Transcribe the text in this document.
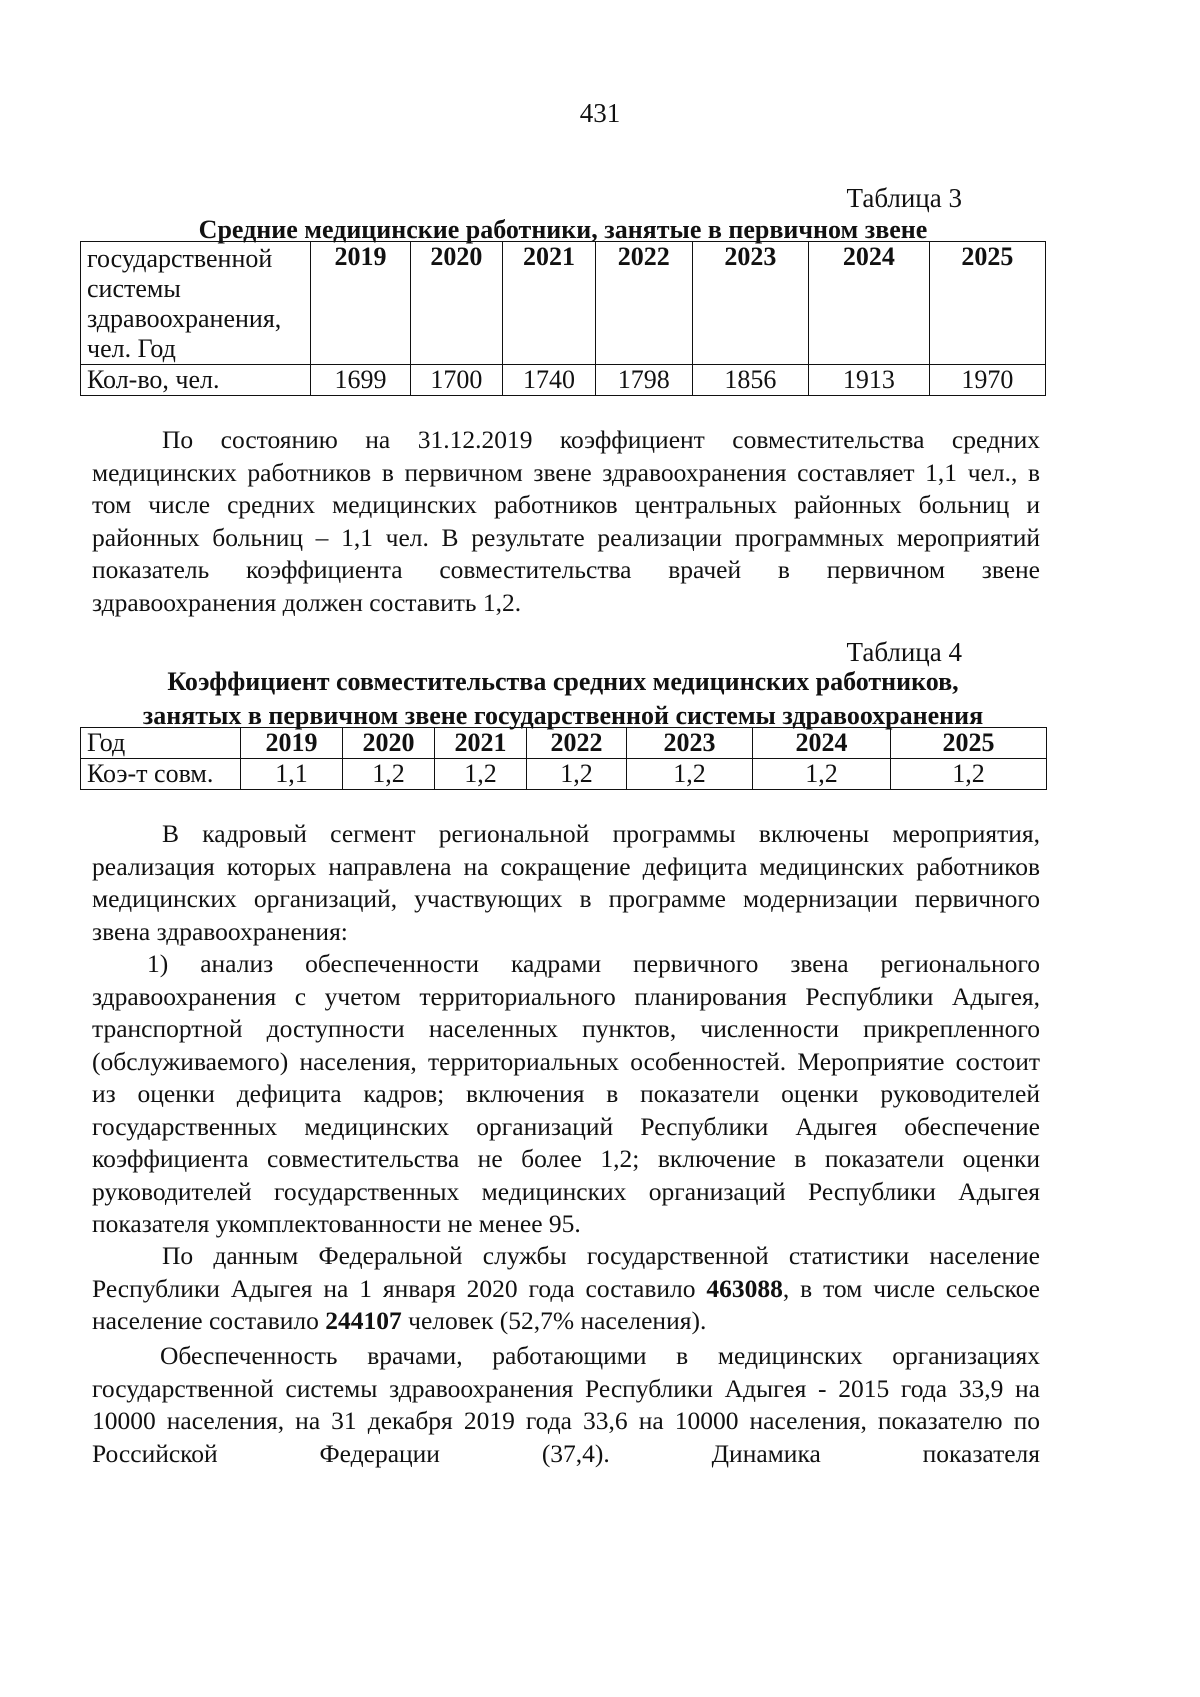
431
Таблица 3
Средние медицинские работники, занятые в первичном звене
государственной системы здравоохранения, чел. Год	2019	2020	2021	2022	2023	2024	2025
Кол-во, чел.	1699	1700	1740	1798	1856	1913	1970

По состоянию на 31.12.2019 коэффициент совместительства средних медицинских работников в первичном звене здравоохранения составляет 1,1 чел., в том числе средних медицинских работников центральных районных больниц и районных больниц – 1,1 чел. В результате реализации программных мероприятий показатель коэффициента совместительства врачей в первичном звене здравоохранения должен составить 1,2.

Таблица 4
Коэффициент совместительства средних медицинских работников,
занятых в первичном звене государственной системы здравоохранения
Год	2019	2020	2021	2022	2023	2024	2025
Коэ-т совм.	1,1	1,2	1,2	1,2	1,2	1,2	1,2

В кадровый сегмент региональной программы включены мероприятия, реализация которых направлена на сокращение дефицита медицинских работников медицинских организаций, участвующих в программе модернизации первичного звена здравоохранения:

1) анализ обеспеченности кадрами первичного звена регионального здравоохранения с учетом территориального планирования Республики Адыгея, транспортной доступности населенных пунктов, численности прикрепленного (обслуживаемого) населения, территориальных особенностей. Мероприятие состоит из оценки дефицита кадров; включения в показатели оценки руководителей государственных медицинских организаций Республики Адыгея обеспечение коэффициента совместительства не более 1,2; включение в показатели оценки руководителей государственных медицинских организаций Республики Адыгея показателя укомплектованности не менее 95.

По данным Федеральной службы государственной статистики население Республики Адыгея на 1 января 2020 года составило 463088, в том числе сельское население составило 244107 человек (52,7% населения).

Обеспеченность врачами, работающими в медицинских организациях государственной системы здравоохранения Республики Адыгея - 2015 года 33,9 на 10000 населения, на 31 декабря 2019 года 33,6 на 10000 населения, показателю по Российской Федерации (37,4). Динамика показателя
